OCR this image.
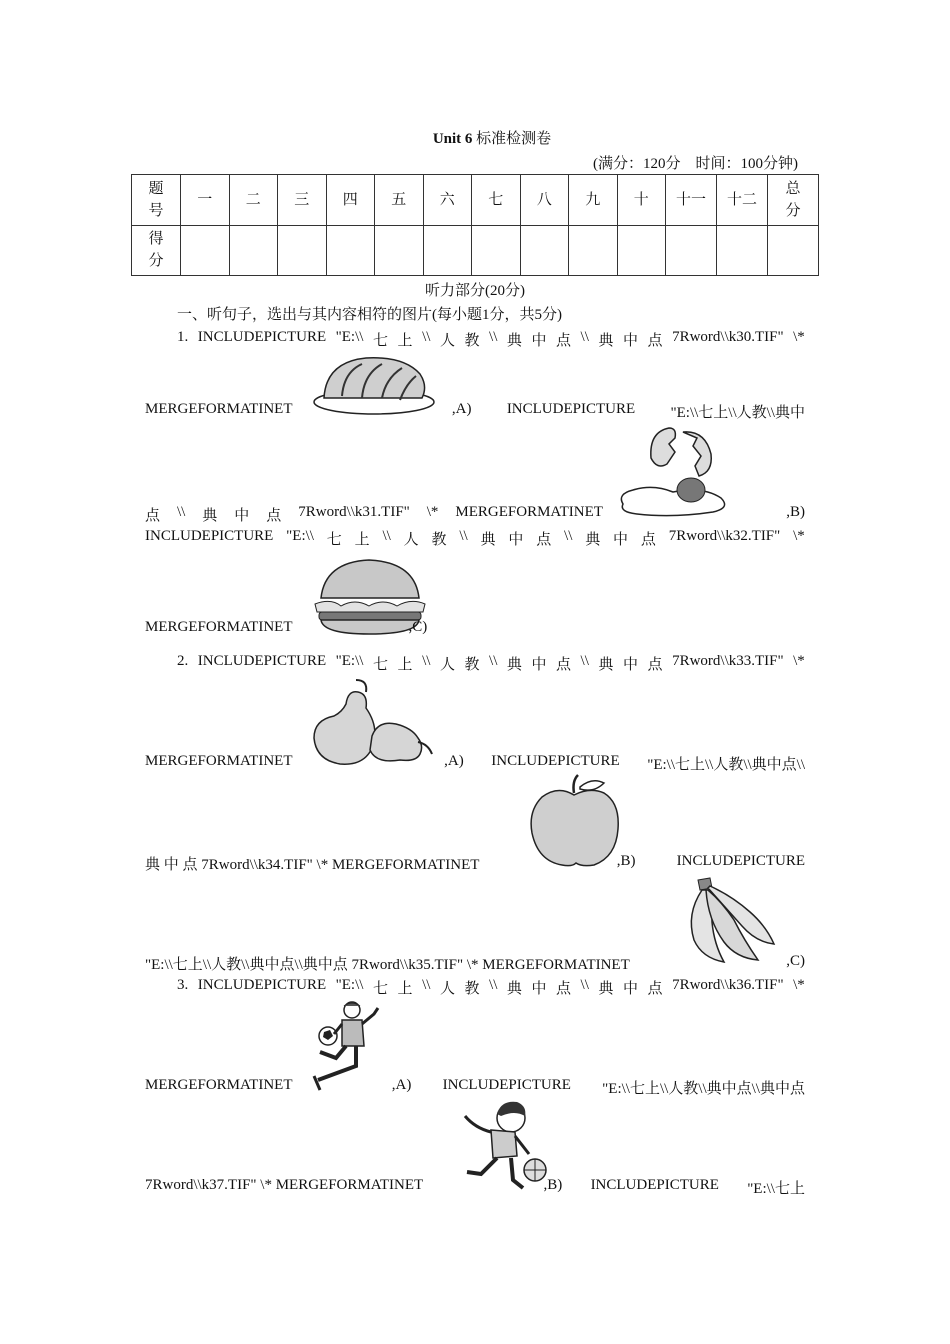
Unit 6 标准检测卷
(满分：120分　时间：100分钟)
题
号	一	二	三	四	五	六	七	八	九	十	十一	十二	总
分
得
分													
听力部分(20分)
一、听句子，选出与其内容相符的图片(每小题1分，共5分)
1. INCLUDEPICTURE "E:\\ 七 上 \\ 人 教 \\ 典 中 点 \\ 典 中 点 7Rword\\k30.TIF" \*
MERGEFORMATINET	,A) INCLUDEPICTURE "E:\\七上\\人教\\典中
点 \\ 典 中 点 7Rword\\k31.TIF" \* MERGEFORMATINET	,B)
INCLUDEPICTURE "E:\\ 七 上 \\ 人 教 \\ 典 中 点 \\ 典 中 点 7Rword\\k32.TIF" \*
MERGEFORMATINET	,C)
2. INCLUDEPICTURE "E:\\ 七 上 \\ 人 教 \\ 典 中 点 \\ 典 中 点 7Rword\\k33.TIF" \*
MERGEFORMATINET	,A) INCLUDEPICTURE "E:\\七上\\人教\\典中点\\
典 中 点 7Rword\\k34.TIF" \* MERGEFORMATINET	,B)	INCLUDEPICTURE
"E:\\七上\\人教\\典中点\\典中点 7Rword\\k35.TIF" \* MERGEFORMATINET	,C)
3. INCLUDEPICTURE "E:\\ 七 上 \\ 人 教 \\ 典 中 点 \\ 典 中 点 7Rword\\k36.TIF" \*
MERGEFORMATINET	,A) INCLUDEPICTURE "E:\\七上\\人教\\典中点\\典中点
7Rword\\k37.TIF" \* MERGEFORMATINET	,B) INCLUDEPICTURE "E:\\七上
